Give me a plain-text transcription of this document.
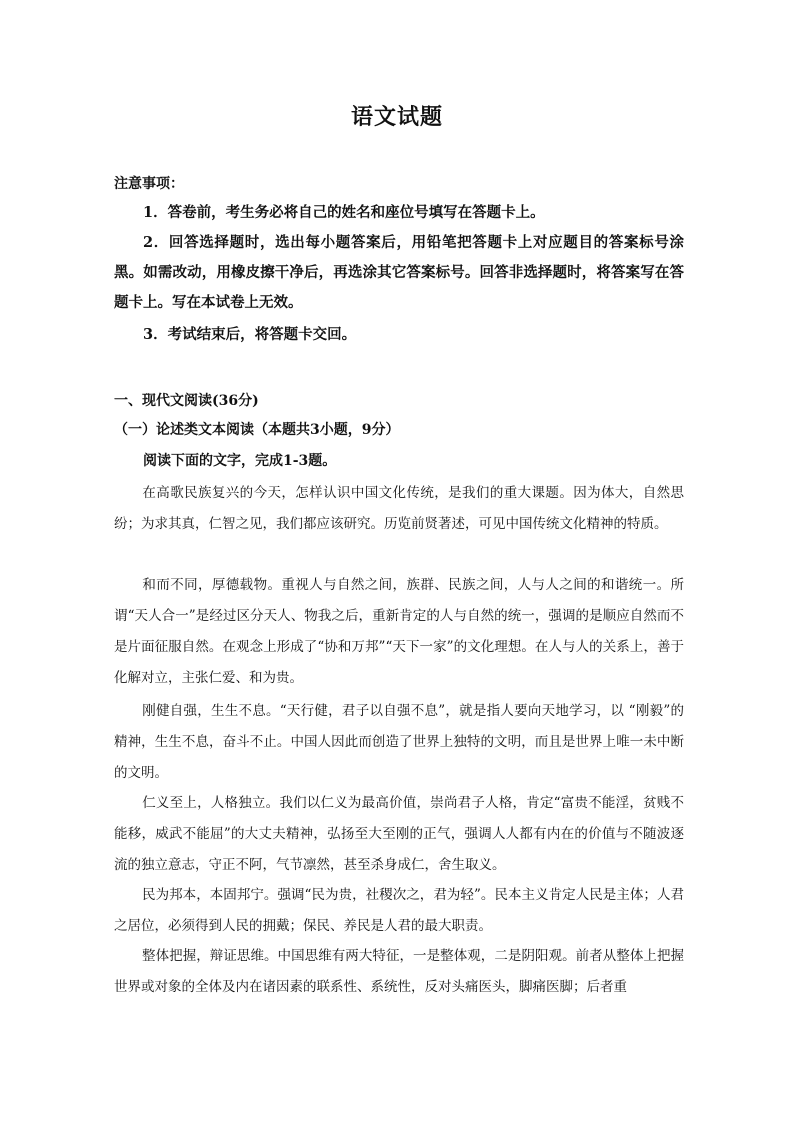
语文试题
注意事项：
1．答卷前，考生务必将自己的姓名和座位号填写在答题卡上。
2．回答选择题时，选出每小题答案后，用铅笔把答题卡上对应题目的答案标号涂黑。如需改动，用橡皮擦干净后，再选涂其它答案标号。回答非选择题时，将答案写在答题卡上。写在本试卷上无效。
3．考试结束后，将答题卡交回。
一、现代文阅读(36分)
（一）论述类文本阅读（本题共3小题，9分）
阅读下面的文字，完成1-3题。
在高歌民族复兴的今天，怎样认识中国文化传统，是我们的重大课题。因为体大，自然思纷；为求其真，仁智之见，我们都应该研究。历览前贤著述，可见中国传统文化精神的特质。
和而不同，厚德载物。重视人与自然之间，族群、民族之间，人与人之间的和谐统一。所谓“天人合一”是经过区分天人、物我之后，重新肯定的人与自然的统一，强调的是顺应自然而不是片面征服自然。在观念上形成了“协和万邦”“天下一家”的文化理想。在人与人的关系上，善于化解对立，主张仁爱、和为贵。
刚健自强，生生不息。“天行健，君子以自强不息”，就是指人要向天地学习，以 “刚毅”的精神，生生不息，奋斗不止。中国人因此而创造了世界上独特的文明，而且是世界上唯一未中断的文明。
仁义至上，人格独立。我们以仁义为最高价值，崇尚君子人格，肯定“富贵不能淫，贫贱不能移，威武不能屈”的大丈夫精神，弘扬至大至刚的正气，强调人人都有内在的价值与不随波逐流的独立意志，守正不阿，气节凛然，甚至杀身成仁，舍生取义。
民为邦本，本固邦宁。强调“民为贵，社稷次之，君为轻”。民本主义肯定人民是主体；人君之居位，必须得到人民的拥戴；保民、养民是人君的最大职责。
整体把握，辩证思维。中国思维有两大特征，一是整体观，二是阴阳观。前者从整体上把握世界或对象的全体及内在诸因素的联系性、系统性，反对头痛医头，脚痛医脚；后者重
